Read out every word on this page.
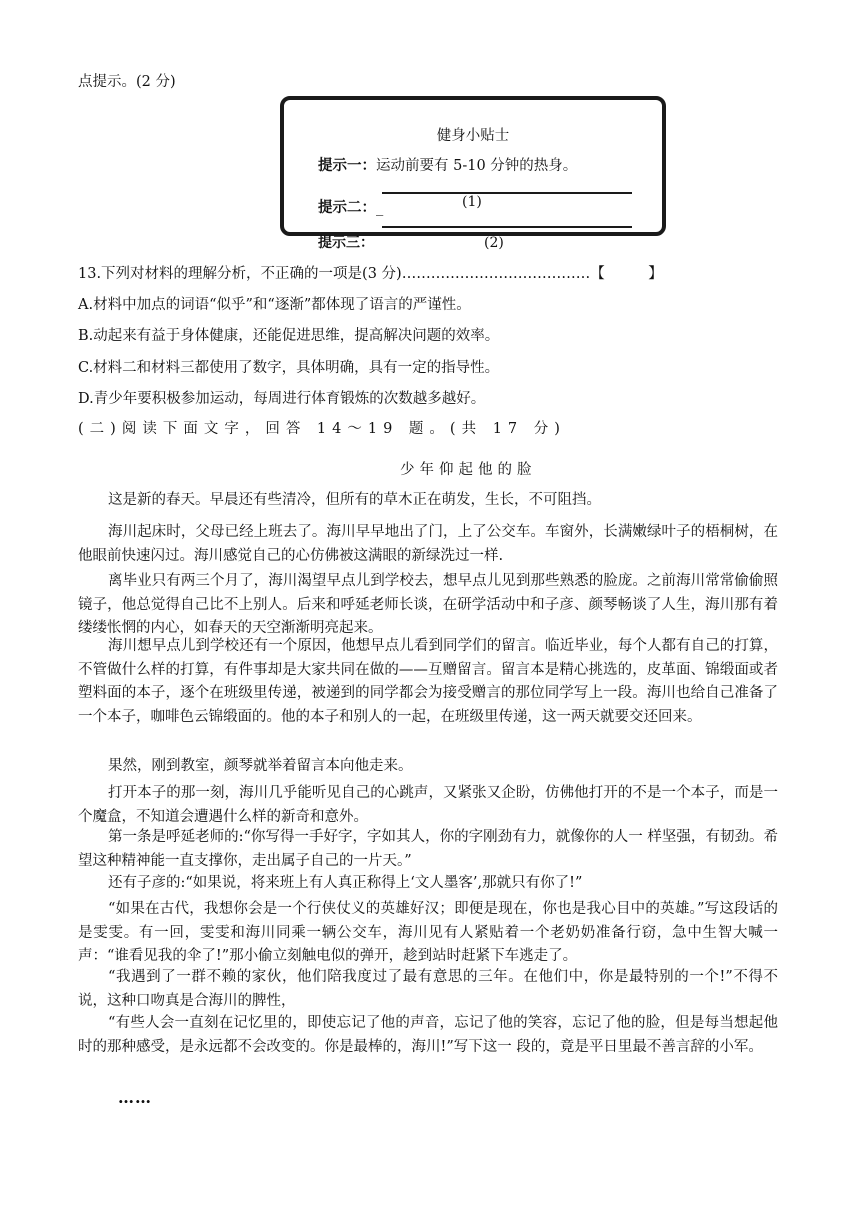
点提示。(2 分)
健身小贴士
提示一：运动前要有 5-10 分钟的热身。
提示二：_	(1)
提示三：	(2)
13.下列对材料的理解分析，不正确的一项是(3 分)…………………………………【　　　】
A.材料中加点的词语“似乎”和“逐渐”都体现了语言的严谨性。
B.动起来有益于身体健康，还能促进思维，提高解决问题的效率。
C.材料二和材料三都使用了数字，具体明确，具有一定的指导性。
D.青少年要积极参加运动，每周进行体育锻炼的次数越多越好。
(二)阅读下面文字，回答 14～19 题。(共 17 分)
少年仰起他的脸
这是新的春天。早晨还有些清冷，但所有的草木正在萌发，生长，不可阻挡。
海川起床时，父母已经上班去了。海川早早地出了门，上了公交车。车窗外，长满嫩绿叶子的梧桐树，在他眼前快速闪过。海川感觉自己的心仿佛被这满眼的新绿洗过一样.
离毕业只有两三个月了，海川渴望早点儿到学校去，想早点儿见到那些熟悉的脸庞。之前海川常常偷偷照镜子，他总觉得自己比不上别人。后来和呼延老师长谈，在研学活动中和子彦、颜琴畅谈了人生，海川那有着缕缕怅惘的内心，如春天的天空渐渐明亮起来。
海川想早点儿到学校还有一个原因，他想早点儿看到同学们的留言。临近毕业，每个人都有自己的打算，不管做什么样的打算，有件事却是大家共同在做的——互赠留言。留言本是精心挑选的，皮革面、锦缎面或者塑料面的本子，逐个在班级里传递，被递到的同学都会为接受赠言的那位同学写上一段。海川也给自己准备了一个本子，咖啡色云锦缎面的。他的本子和别人的一起，在班级里传递，这一两天就要交还回来。
果然，刚到教室，颜琴就举着留言本向他走来。
打开本子的那一刻，海川几乎能听见自己的心跳声，又紧张又企盼，仿佛他打开的不是一个本子，而是一个魔盒，不知道会遭遇什么样的新奇和意外。
第一条是呼延老师的:“你写得一手好字，字如其人，你的字刚劲有力，就像你的人一 样坚强，有韧劲。希望这种精神能一直支撑你，走出属子自己的一片天。”
还有子彦的:“如果说，将来班上有人真正称得上‘文人墨客’,那就只有你了!”
“如果在古代，我想你会是一个行侠仗义的英雄好汉；即便是现在，你也是我心目中的英雄。”写这段话的是雯雯。有一回，雯雯和海川同乘一辆公交车，海川见有人紧贴着一个老奶奶准备行窃，急中生智大喊一声：“谁看见我的伞了!”那小偷立刻触电似的弹开，趁到站时赶紧下车逃走了。
“我遇到了一群不赖的家伙，他们陪我度过了最有意思的三年。在他们中，你是最特别的一个!”不得不说，这种口吻真是合海川的脾性，
“有些人会一直刻在记忆里的，即使忘记了他的声音，忘记了他的笑容，忘记了他的脸，但是每当想起他时的那种感受，是永远都不会改变的。你是最棒的，海川!”写下这一 段的，竟是平日里最不善言辞的小军。
……
